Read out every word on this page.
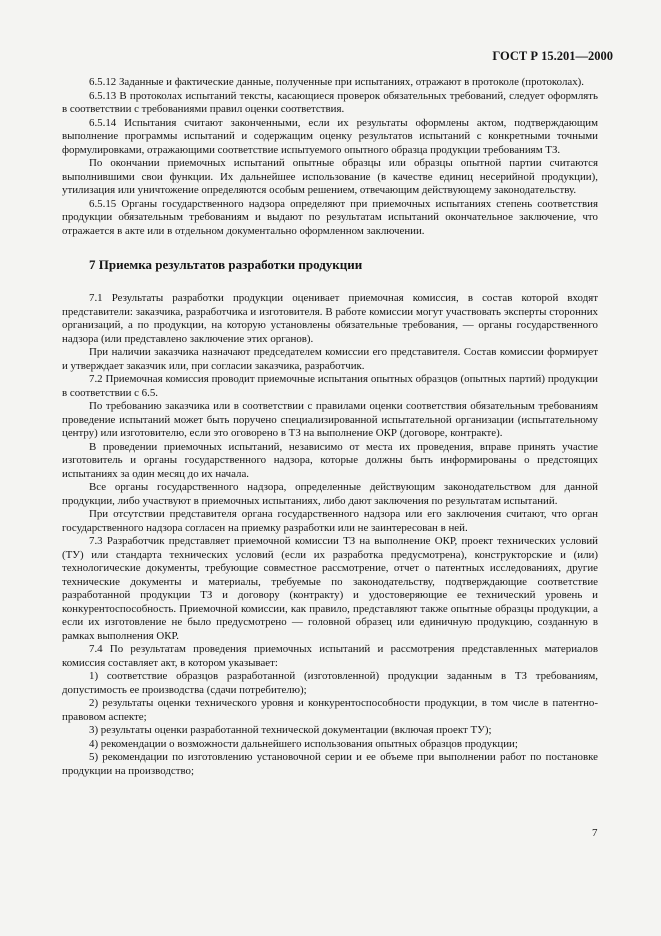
ГОСТ Р 15.201—2000

6.5.12 Заданные и фактические данные, полученные при испытаниях, отражают в протоколе (протоколах).

6.5.13 В протоколах испытаний тексты, касающиеся проверок обязательных требований, следует оформлять в соответствии с требованиями правил оценки соответствия.

6.5.14 Испытания считают законченными, если их результаты оформлены актом, подтверждающим выполнение программы испытаний и содержащим оценку результатов испытаний с конкретными точными формулировками, отражающими соответствие испытуемого опытного образца продукции требованиям ТЗ.

По окончании приемочных испытаний опытные образцы или образцы опытной партии считаются выполнившими свои функции. Их дальнейшее использование (в качестве единиц несерийной продукции), утилизация или уничтожение определяются особым решением, отвечающим действующему законодательству.

6.5.15 Органы государственного надзора определяют при приемочных испытаниях степень соответствия продукции обязательным требованиям и выдают по результатам испытаний окончательное заключение, что отражается в акте или в отдельном документально оформленном заключении.

7 Приемка результатов разработки продукции

7.1 Результаты разработки продукции оценивает приемочная комиссия, в состав которой входят представители: заказчика, разработчика и изготовителя. В работе комиссии могут участвовать эксперты сторонних организаций, а по продукции, на которую установлены обязательные требования, — органы государственного надзора (или представлено заключение этих органов).

При наличии заказчика назначают председателем комиссии его представителя. Состав комиссии формирует и утверждает заказчик или, при согласии заказчика, разработчик.

7.2 Приемочная комиссия проводит приемочные испытания опытных образцов (опытных партий) продукции в соответствии с 6.5.

По требованию заказчика или в соответствии с правилами оценки соответствия обязательным требованиям проведение испытаний может быть поручено специализированной испытательной организации (испытательному центру) или изготовителю, если это оговорено в ТЗ на выполнение ОКР (договоре, контракте).

В проведении приемочных испытаний, независимо от места их проведения, вправе принять участие изготовитель и органы государственного надзора, которые должны быть информированы о предстоящих испытаниях за один месяц до их начала.

Все органы государственного надзора, определенные действующим законодательством для данной продукции, либо участвуют в приемочных испытаниях, либо дают заключения по результатам испытаний.

При отсутствии представителя органа государственного надзора или его заключения считают, что орган государственного надзора согласен на приемку разработки или не заинтересован в ней.

7.3 Разработчик представляет приемочной комиссии ТЗ на выполнение ОКР, проект технических условий (ТУ) или стандарта технических условий (если их разработка предусмотрена), конструкторские и (или) технологические документы, требующие совместное рассмотрение, отчет о патентных исследованиях, другие технические документы и материалы, требуемые по законодательству, подтверждающие соответствие разработанной продукции ТЗ и договору (контракту) и удостоверяющие ее технический уровень и конкурентоспособность. Приемочной комиссии, как правило, представляют также опытные образцы продукции, а если их изготовление не было предусмотрено — головной образец или единичную продукцию, созданную в рамках выполнения ОКР.

7.4 По результатам проведения приемочных испытаний и рассмотрения представленных материалов комиссия составляет акт, в котором указывает:

1) соответствие образцов разработанной (изготовленной) продукции заданным в ТЗ требованиям, допустимость ее производства (сдачи потребителю);

2) результаты оценки технического уровня и конкурентоспособности продукции, в том числе в патентно-правовом аспекте;

3) результаты оценки разработанной технической документации (включая проект ТУ);

4) рекомендации о возможности дальнейшего использования опытных образцов продукции;

5) рекомендации по изготовлению установочной серии и ее объеме при выполнении работ по постановке продукции на производство;

7
